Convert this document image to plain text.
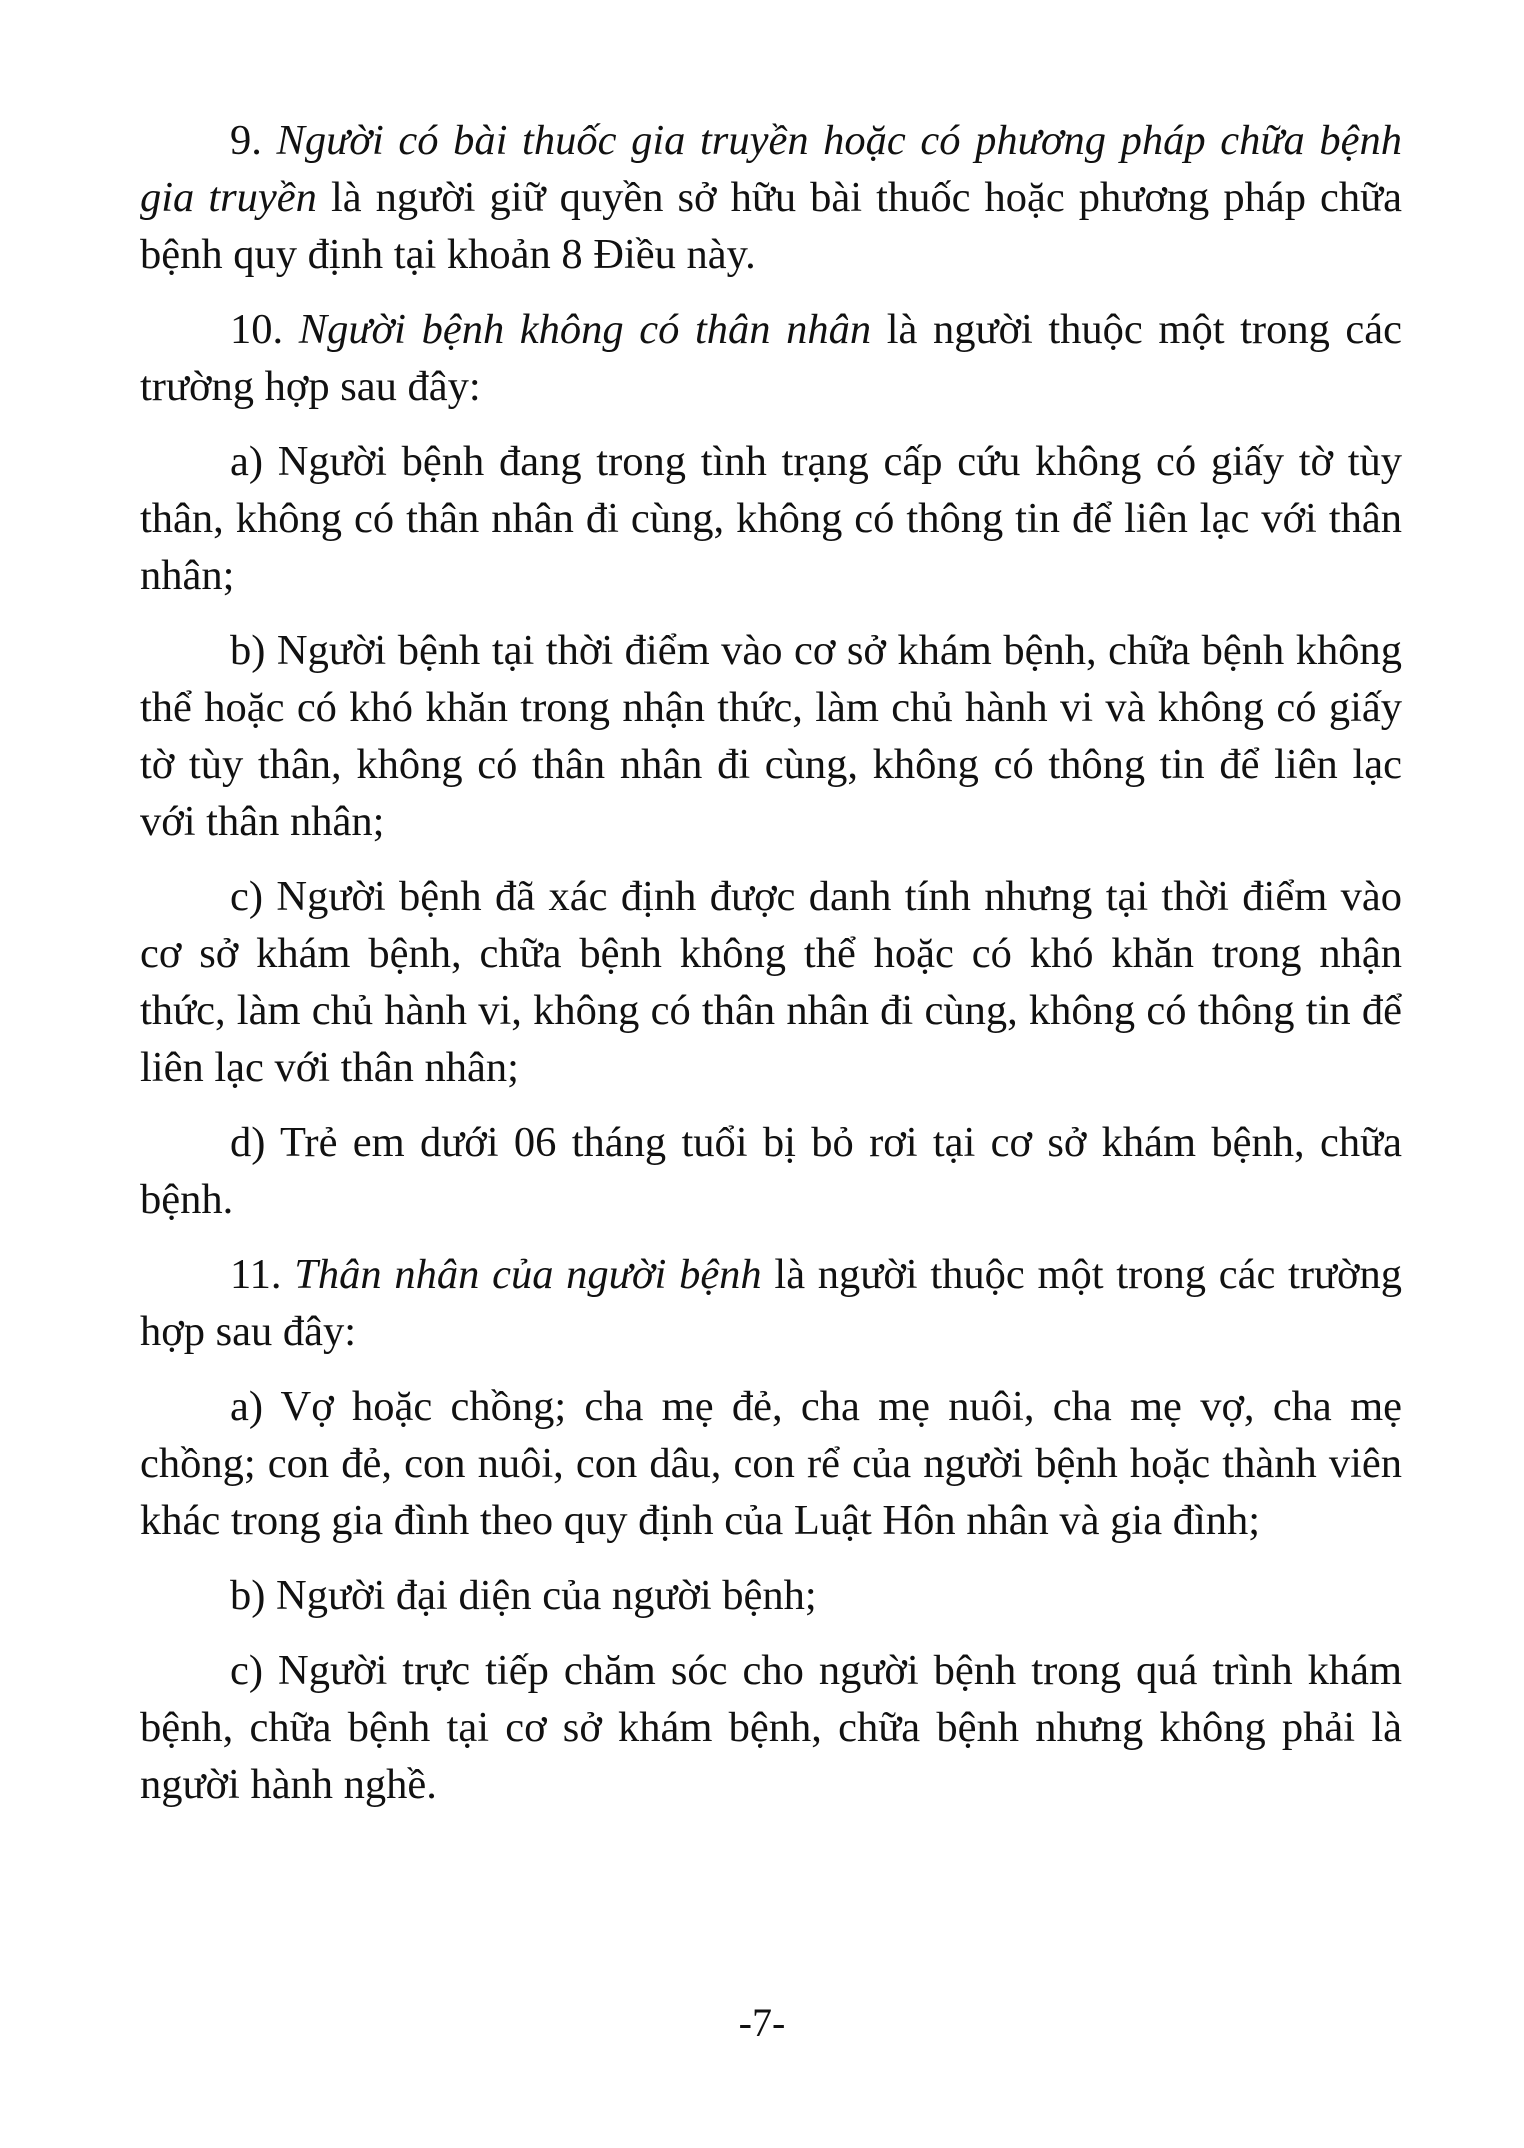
9. Người có bài thuốc gia truyền hoặc có phương pháp chữa bệnh gia truyền là người giữ quyền sở hữu bài thuốc hoặc phương pháp chữa bệnh quy định tại khoản 8 Điều này.

10. Người bệnh không có thân nhân là người thuộc một trong các trường hợp sau đây:

a) Người bệnh đang trong tình trạng cấp cứu không có giấy tờ tùy thân, không có thân nhân đi cùng, không có thông tin để liên lạc với thân nhân;

b) Người bệnh tại thời điểm vào cơ sở khám bệnh, chữa bệnh không thể hoặc có khó khăn trong nhận thức, làm chủ hành vi và không có giấy tờ tùy thân, không có thân nhân đi cùng, không có thông tin để liên lạc với thân nhân;

c) Người bệnh đã xác định được danh tính nhưng tại thời điểm vào cơ sở khám bệnh, chữa bệnh không thể hoặc có khó khăn trong nhận thức, làm chủ hành vi, không có thân nhân đi cùng, không có thông tin để liên lạc với thân nhân;

d) Trẻ em dưới 06 tháng tuổi bị bỏ rơi tại cơ sở khám bệnh, chữa bệnh.

11. Thân nhân của người bệnh là người thuộc một trong các trường hợp sau đây:

a) Vợ hoặc chồng; cha mẹ đẻ, cha mẹ nuôi, cha mẹ vợ, cha mẹ chồng; con đẻ, con nuôi, con dâu, con rể của người bệnh hoặc thành viên khác trong gia đình theo quy định của Luật Hôn nhân và gia đình;

b) Người đại diện của người bệnh;

c) Người trực tiếp chăm sóc cho người bệnh trong quá trình khám bệnh, chữa bệnh tại cơ sở khám bệnh, chữa bệnh nhưng không phải là người hành nghề.

-7-
